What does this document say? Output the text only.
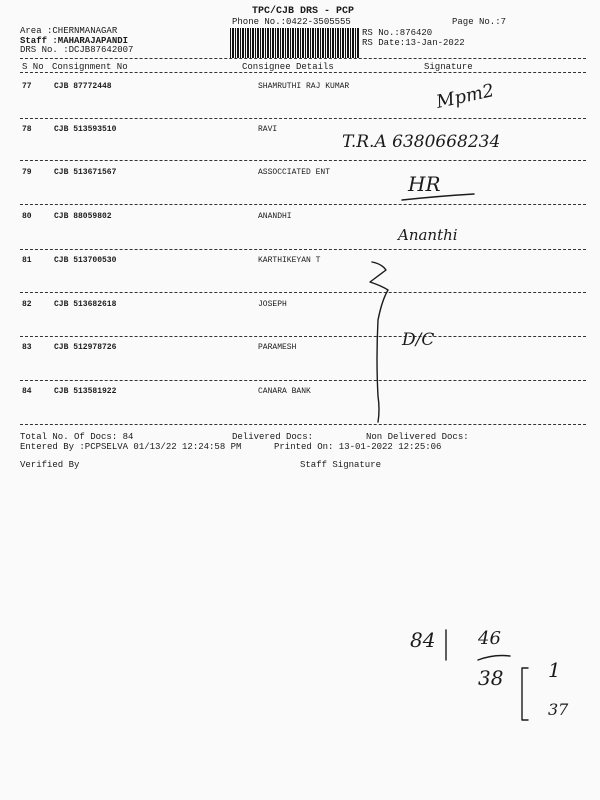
TPC/CJB DRS - PCP
Phone No.:0422-3505555	Page No.:7
Area :CHERNMANAGAR
Staff :MAHARAJAPANDI
DRS No. :DCJB87642007
RS No.:876420
RS Date:13-Jan-2022
S No Consignment No	Consignee Details	Signature
77	CJB 87772448	SHAMRUTHI RAJ KUMAR	Mpm2
78	CJB 513593510	RAVI
T.R.A 6380668234
79	CJB 513671567	ASSOCCIATED ENT	HR
80	CJB 88059802	ANANDHI
Ananthi
81	CJB 513700530	KARTHIKEYAN T
82	CJB 513682618	JOSEPH
83	CJB 512978726	PARAMESH	D/C
84	CJB 513581922	CANARA BANK
Total No. Of Docs: 84	Delivered Docs:	Non Delivered Docs:
Entered By :PCPSELVA 01/13/22 12:24:58 PM	Printed On: 13-01-2022 12:25:06
Verified By	Staff Signature
84 46
38 1
37
